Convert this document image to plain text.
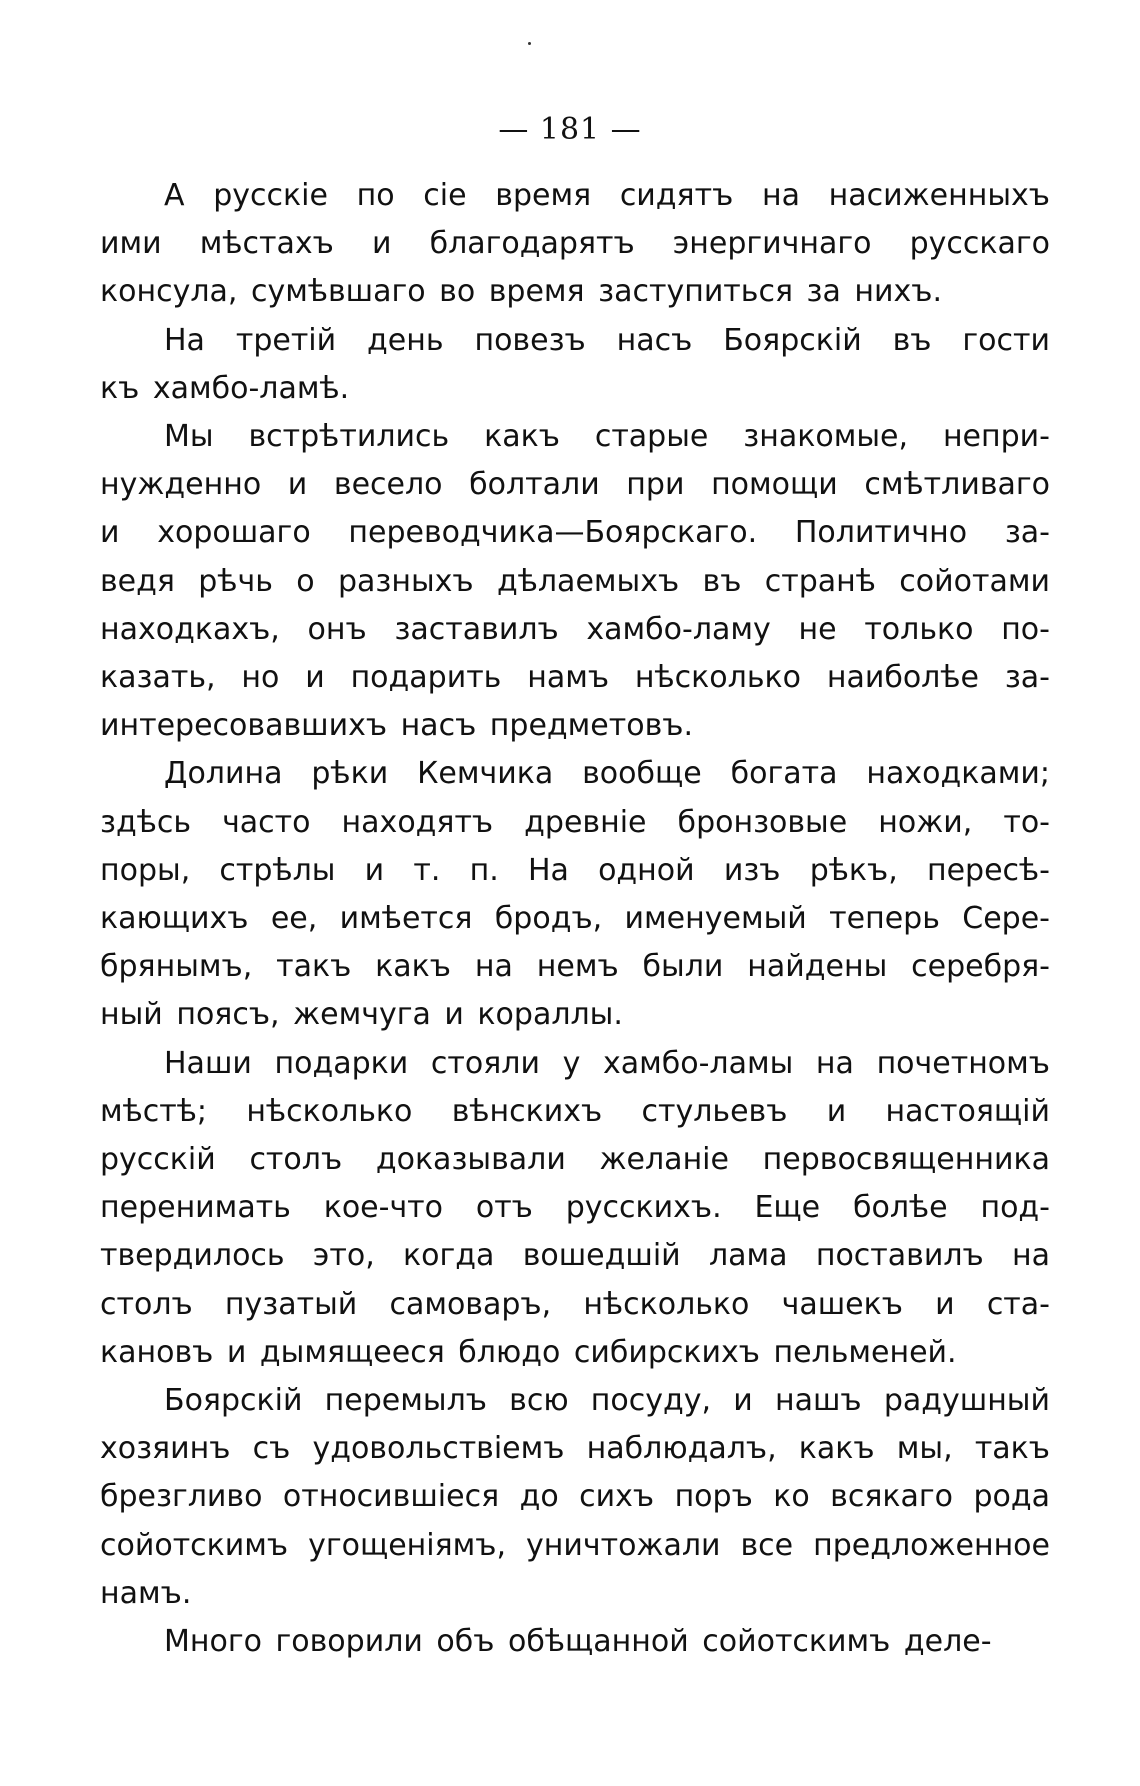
— 181 —

А русскіе по сіе время сидятъ на насиженныхъ
ими мѣстахъ и благодарятъ энергичнаго русскаго
консула, сумѣвшаго во время заступиться за нихъ.

На третій день повезъ насъ Боярскій въ гости
къ хамбо-ламѣ.

Мы встрѣтились какъ старые знакомые, непри-
нужденно и весело болтали при помощи смѣтливаго
и хорошаго переводчика—Боярскаго. Политично за-
ведя рѣчь о разныхъ дѣлаемыхъ въ странѣ сойотами
находкахъ, онъ заставилъ хамбо-ламу не только по-
казать, но и подарить намъ нѣсколько наиболѣе за-
интересовавшихъ насъ предметовъ.

Долина рѣки Кемчика вообще богата находками;
здѣсь часто находятъ древніе бронзовые ножи, то-
поры, стрѣлы и т. п. На одной изъ рѣкъ, пересѣ-
кающихъ ее, имѣется бродъ, именуемый теперь Сере-
брянымъ, такъ какъ на немъ были найдены серебря-
ный поясъ, жемчуга и кораллы.

Наши подарки стояли у хамбо-ламы на почетномъ
мѣстѣ; нѣсколько вѣнскихъ стульевъ и настоящій
русскій столъ доказывали желаніе первосвященника
перенимать кое-что отъ русскихъ. Еще болѣе под-
твердилось это, когда вошедшій лама поставилъ на
столъ пузатый самоваръ, нѣсколько чашекъ и ста-
кановъ и дымящееся блюдо сибирскихъ пельменей.

Боярскій перемылъ всю посуду, и нашъ радушный
хозяинъ съ удовольствіемъ наблюдалъ, какъ мы, такъ
брезгливо относившіеся до сихъ поръ ко всякаго рода
сойотскимъ угощеніямъ, уничтожали все предложенное
намъ.

Много говорили объ обѣщанной сойотскимъ деле-
